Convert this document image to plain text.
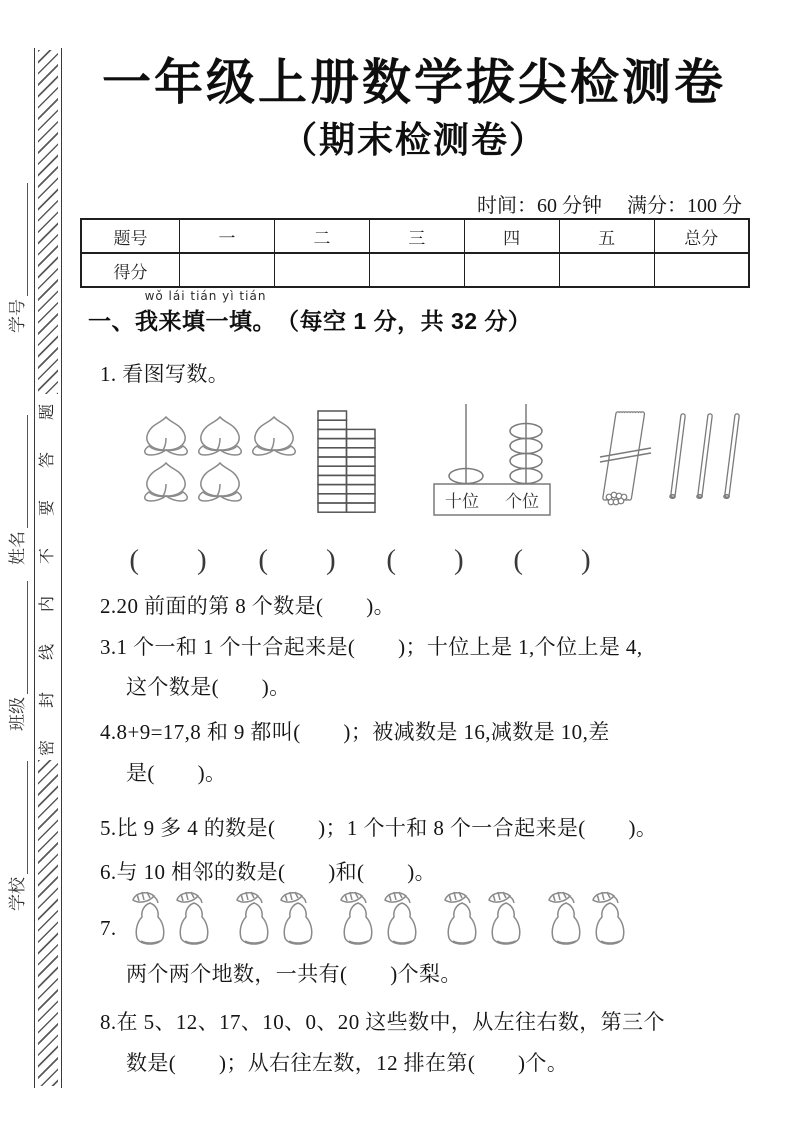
学号
姓名
班级
学校
题
答
要
不
内
线
封
密
一年级上册数学拔尖检测卷
（期末检测卷）
时间：60 分钟　 满分：100 分
题号	一	二	三	四	五	总分
得分						
一、
wǒ lái tián yì tián
我来填一填。 （每空 1 分，共 32 分）
1. 看图写数。
十位 个位
(　　) (　　) (　　) (　　)
2.20 前面的第 8 个数是(　　)。
3.1 个一和 1 个十合起来是(　　)；十位上是 1,个位上是 4,
这个数是(　　)。
4.8+9=17,8 和 9 都叫(　　)；被减数是 16,减数是 10,差
是(　　)。
5.比 9 多 4 的数是(　　)；1 个十和 8 个一合起来是(　　)。
6.与 10 相邻的数是(　　)和(　　)。
7.
两个两个地数，一共有(　　)个梨。
8.在 5、12、17、10、0、20 这些数中，从左往右数，第三个
数是(　　)；从右往左数，12 排在第(　　)个。
